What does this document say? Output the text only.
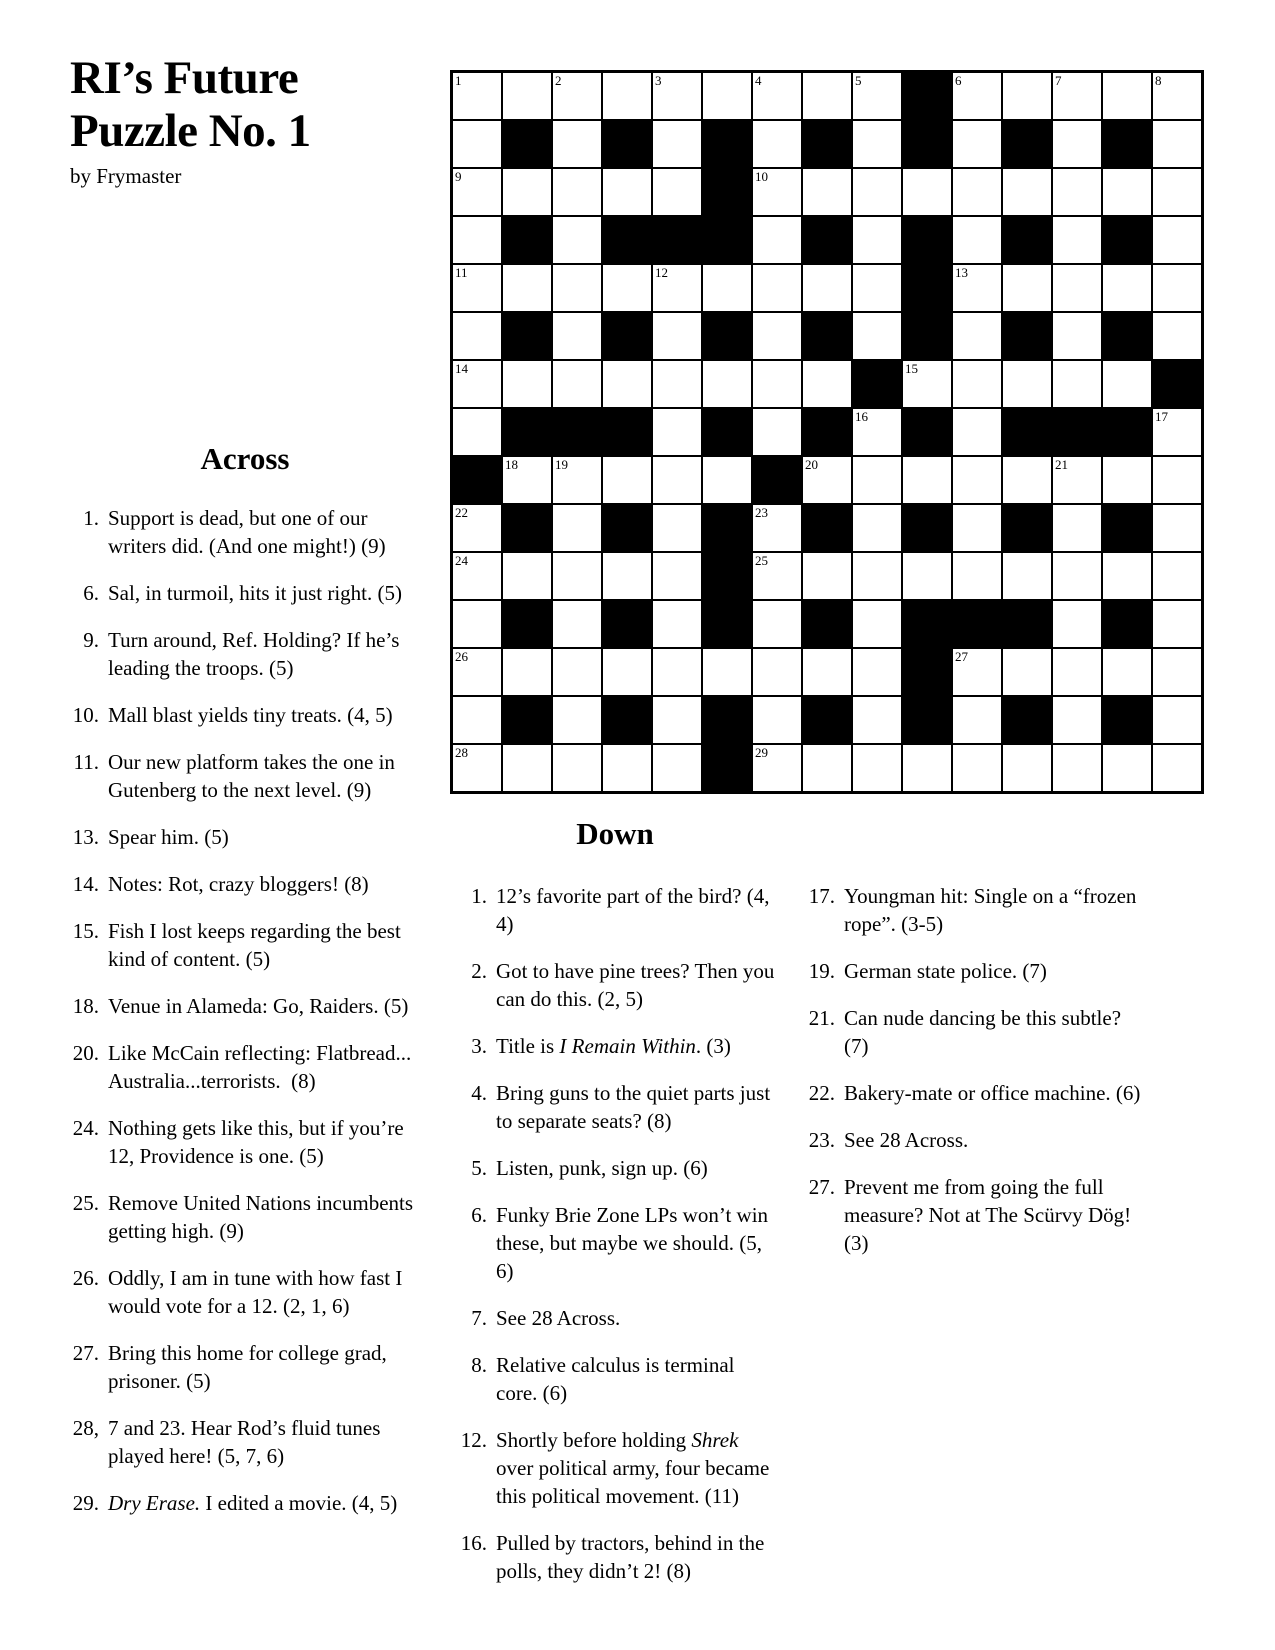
RI’s Future
Puzzle No. 1
by Frymaster
1	2	3	4	5	6	7	8
9	10
11	12	13
14	15
16	17
18	19	20	21
22	23
24	25
26	27
28	29
Across
1. Support is dead, but one of our writers did. (And one might!) (9)
6. Sal, in turmoil, hits it just right. (5)
9. Turn around, Ref. Holding? If he’s leading the troops. (5)
10. Mall blast yields tiny treats. (4, 5)
11. Our new platform takes the one in Gutenberg to the next level. (9)
13. Spear him. (5)
14. Notes: Rot, crazy bloggers! (8)
15. Fish I lost keeps regarding the best kind of content. (5)
18. Venue in Alameda: Go, Raiders. (5)
20. Like McCain reflecting: Flatbread... Australia...terrorists.  (8)
24. Nothing gets like this, but if you’re 12, Providence is one. (5)
25. Remove United Nations incumbents getting high. (9)
26. Oddly, I am in tune with how fast I would vote for a 12. (2, 1, 6)
27. Bring this home for college grad, prisoner. (5)
28, 7 and 23. Hear Rod’s fluid tunes played here! (5, 7, 6)
29. Dry Erase. I edited a movie. (4, 5)
Down
1. 12’s favorite part of the bird? (4, 4)
2. Got to have pine trees? Then you can do this. (2, 5)
3. Title is I Remain Within. (3)
4. Bring guns to the quiet parts just to separate seats? (8)
5. Listen, punk, sign up. (6)
6. Funky Brie Zone LPs won’t win these, but maybe we should. (5, 6)
7. See 28 Across.
8. Relative calculus is terminal core. (6)
12. Shortly before holding Shrek over political army, four became this political movement. (11)
16. Pulled by tractors, behind in the polls, they didn’t 2! (8)
17. Youngman hit: Single on a “frozen rope”. (3-5)
19. German state police. (7)
21. Can nude dancing be this subtle? (7)
22. Bakery-mate or office machine. (6)
23. See 28 Across.
27. Prevent me from going the full measure? Not at The Scürvy Dög! (3)
